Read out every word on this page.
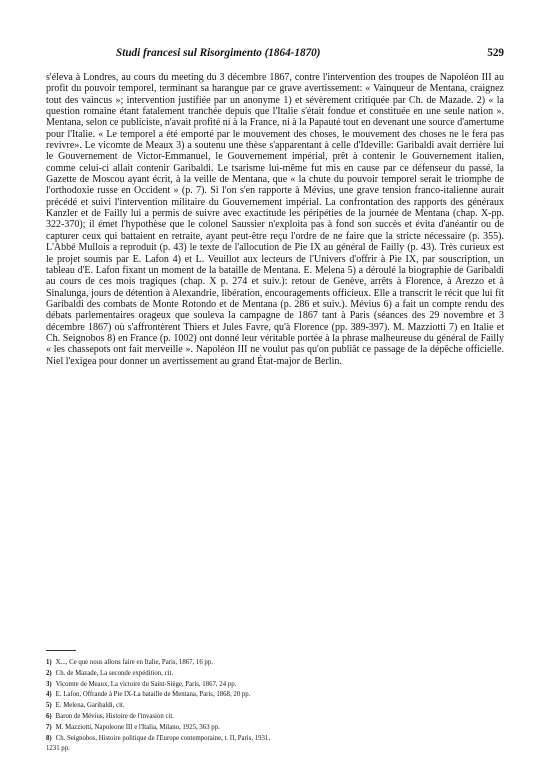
Studi francesi sul Risorgimento (1864-1870)	529

s'éleva à Londres, au cours du meeting du 3 décembre 1867, contre l'intervention des troupes de Napoléon III au profit du pouvoir temporel, terminant sa harangue par ce grave avertissement: « Vainqueur de Mentana, craignez tout des vaincus »; intervention justifiée par un anonyme 1) et sévèrement critiquée par Ch. de Mazade. 2) « la question romaine étant fatalement tranchée depuis que l'Italie s'était fondue et constituée en une seule nation ». Mentana, selon ce publiciste, n'avait profité ni à la France, ni à la Papauté tout en devenant une source d'amertume pour l'Italie. « Le temporel a été emporté par le mouvement des choses, le mouvement des choses ne le fera pas revivre». Le vicomte de Meaux 3) a soutenu une thèse s'apparentant à celle d'Ideville: Garibaldi avait derrière lui le Gouvernement de Victor-Emmanuel, le Gouvernement impérial, prêt à contenir le Gouvernement italien, comme celui-ci allait contenir Garibaldi. Le tsarisme lui-même fut mis en cause par ce défenseur du passé, la Gazette de Moscou ayant écrit, à la veille de Mentana, que « la chute du pouvoir temporel serait le triomphe de l'orthodoxie russe en Occident » (p. 7). Si l'on s'en rapporte à Mévius, une grave tension franco-italienne aurait précédé et suivi l'intervention militaire du Gouvernement impérial. La confrontation des rapports des généraux Kanzler et de Failly lui a permis de suivre avec exactitude les péripéties de la journée de Mentana (chap. X-pp. 322-370); il émet l'hypothèse que le colonel Saussier n'exploita pas à fond son succès et évita d'anéantir ou de capturer ceux qui battaient en retraite, ayant peut-être reçu l'ordre de ne faire que la stricte nécessaire (p. 355). L'Abbé Mullois a reproduit (p. 43) le texte de l'allocution de Pie IX au général de Failly (p. 43). Très curieux est le projet soumis par E. Lafon 4) et L. Veuillot aux lecteurs de l'Univers d'offrir à Pie IX, par souscription, un tableau d'E. Lafon fixant un moment de la bataille de Mentana. E. Melena 5) a déroulé la biographie de Garibaldi au cours de ces mois tragiques (chap. X p. 274 et suiv.): retour de Genève, arrêts à Florence, à Arezzo et à Sinalunga, jours de détention à Alexandrie, libération, encouragements officieux. Elle a transcrit le récit que lui fit Garibaldi des combats de Monte Rotondo et de Mentana (p. 286 et suiv.). Mévius 6) a fait un compte rendu des débats parlementaires orageux que souleva la campagne de 1867 tant à Paris (séances des 29 novembre et 3 décembre 1867) où s'affrontèrent Thiers et Jules Favre, qu'à Florence (pp. 389-397). M. Mazziotti 7) en Italie et Ch. Seignobos 8) en France (p. 1002) ont donné leur véritable portée à la phrase malheureuse du général de Failly « les chassepots ont fait merveille ». Napoléon III ne voulut pas qu'on publiât ce passage de la dépêche officielle. Niel l'exigea pour donner un avertissement au grand État-major de Berlin.

1) X..., Ce que nous allons faire en Italie, Paris, 1867, 16 pp.
2) Ch. de Mazade, La seconde expédition, cit.
3) Vicomte de Meaux, La victoire du Saint-Siège, Paris, 1867, 24 pp.
4) E. Lafon, Offrande à Pie IX-La bataille de Mentana, Paris, 1868, 20 pp.
5) E. Melena, Garibaldi, cit.
6) Baron de Mévius, Histoire de l'invasion cit.
7) M. Mazziotti, Napoleone III e l'Italia, Milano, 1925, 363 pp.
8) Ch. Seignobos, Histoire politique de l'Europe contemporaine, t. II, Paris, 1931,
1231 pp.
